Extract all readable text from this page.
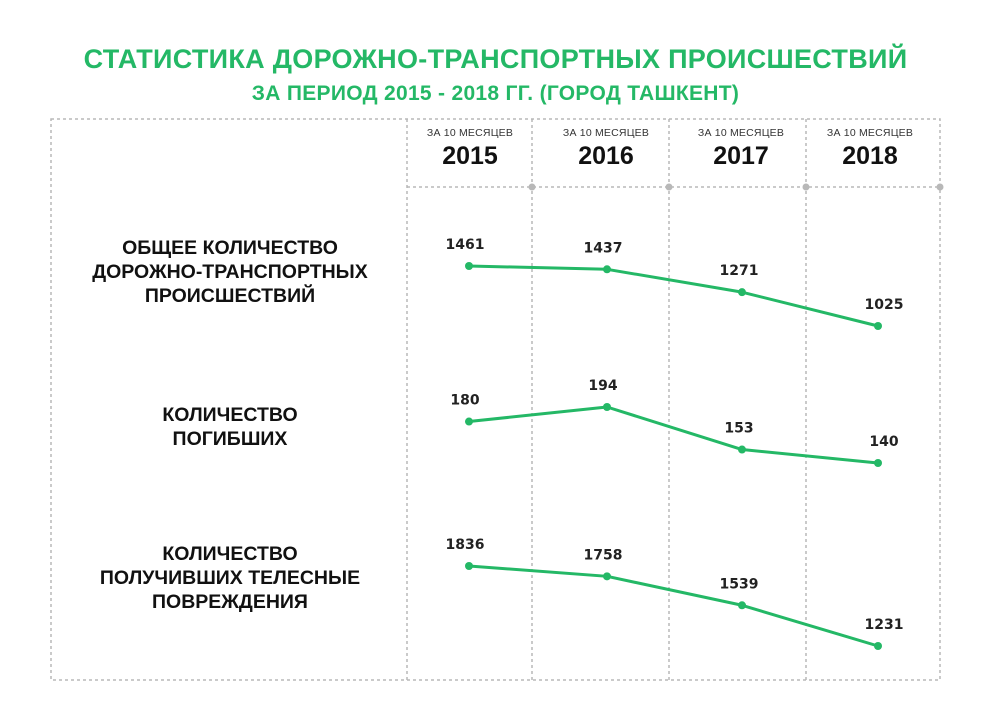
СТАТИСТИКА ДОРОЖНО-ТРАНСПОРТНЫХ ПРОИСШЕСТВИЙ
ЗА ПЕРИОД 2015 - 2018 ГГ. (ГОРОД ТАШКЕНТ)
1461	1437
1271
1025
180
194
153
140
1836
1758
1539
1231
ЗА 10 МЕСЯЦЕВ
2015
ЗА 10 МЕСЯЦЕВ
2016
ЗА 10 МЕСЯЦЕВ
2017
ЗА 10 МЕСЯЦЕВ
2018
ОБЩЕЕ КОЛИЧЕСТВО
ДОРОЖНО-ТРАНСПОРТНЫХ
ПРОИСШЕСТВИЙ
КОЛИЧЕСТВО
ПОГИБШИХ
КОЛИЧЕСТВО
ПОЛУЧИВШИХ ТЕЛЕСНЫЕ
ПОВРЕЖДЕНИЯ
